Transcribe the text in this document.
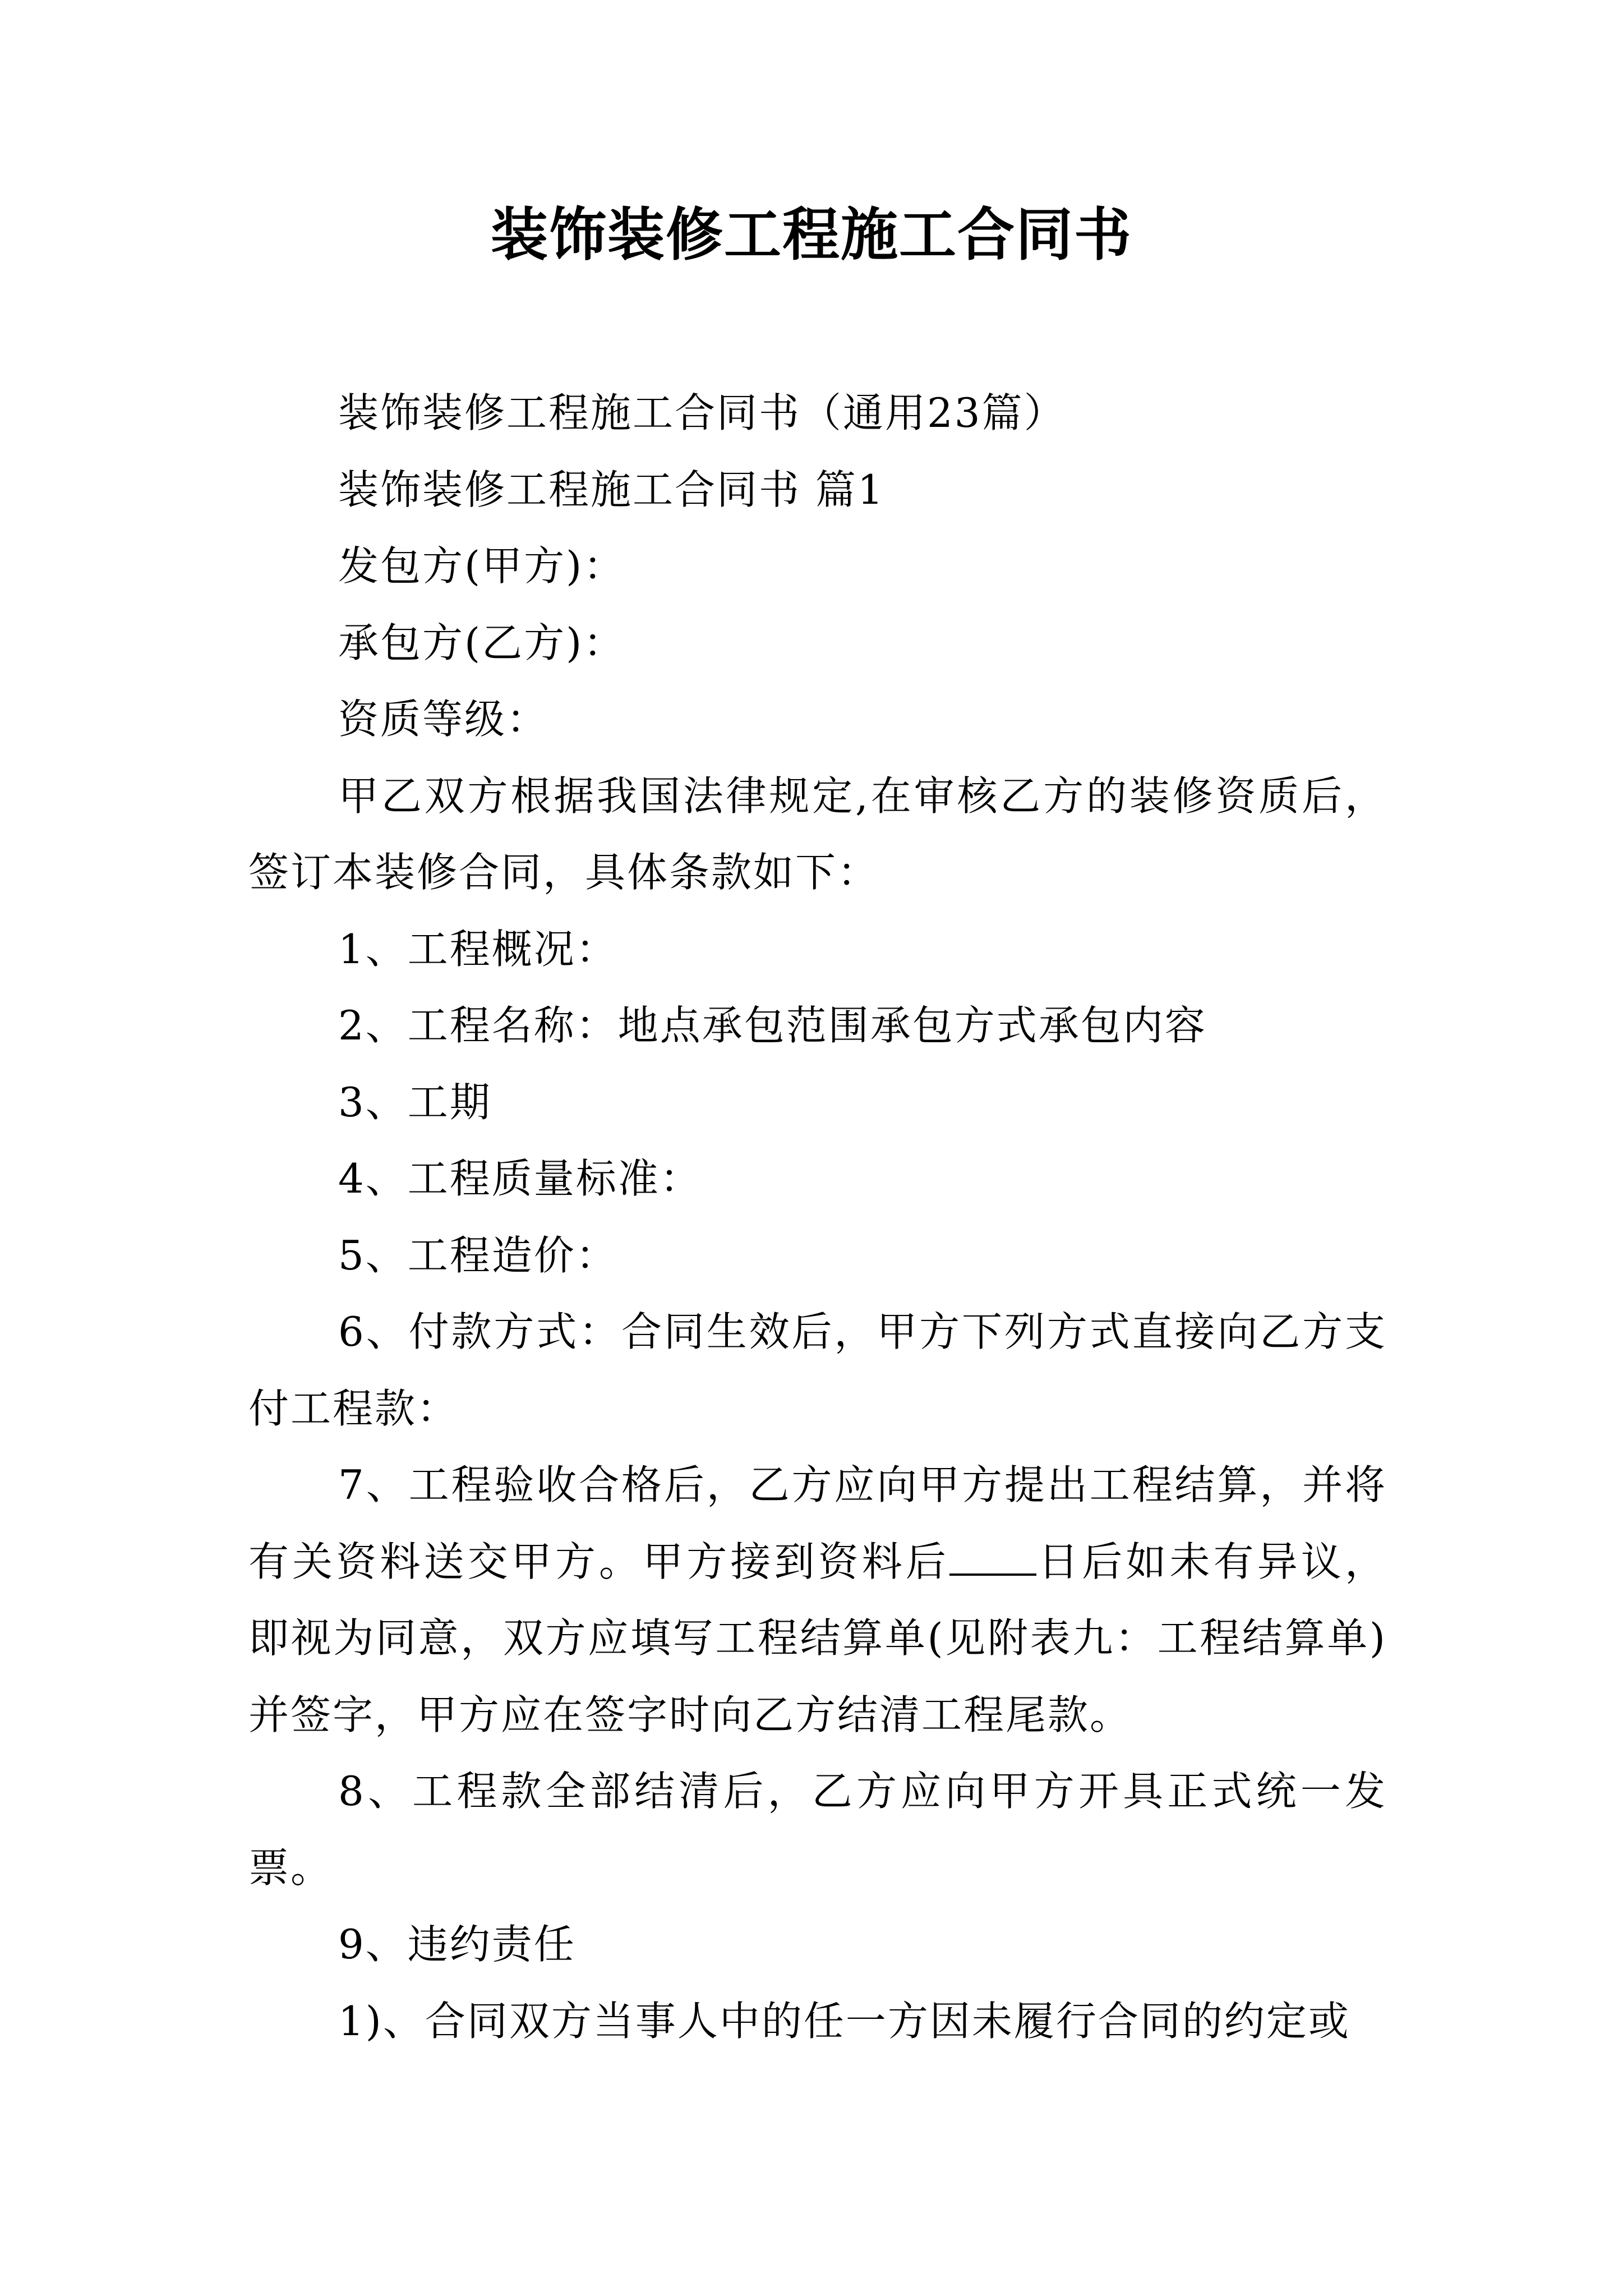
装饰装修工程施工合同书

装饰装修工程施工合同书（通用23篇）

装饰装修工程施工合同书 篇1

发包方(甲方)：

承包方(乙方)：

资质等级：

甲乙双方根据我国法律规定,在审核乙方的装修资质后，签订本装修合同，具体条款如下：

1、工程概况：

2、工程名称：地点承包范围承包方式承包内容

3、工期

4、工程质量标准：

5、工程造价：

6、付款方式：合同生效后，甲方下列方式直接向乙方支付工程款：

7、工程验收合格后，乙方应向甲方提出工程结算，并将有关资料送交甲方。甲方接到资料后 日后如未有异议，即视为同意，双方应填写工程结算单(见附表九：工程结算单)并签字，甲方应在签字时向乙方结清工程尾款。

8、工程款全部结清后，乙方应向甲方开具正式统一发票。

9、违约责任

1)、合同双方当事人中的任一方因未履行合同的约定或
